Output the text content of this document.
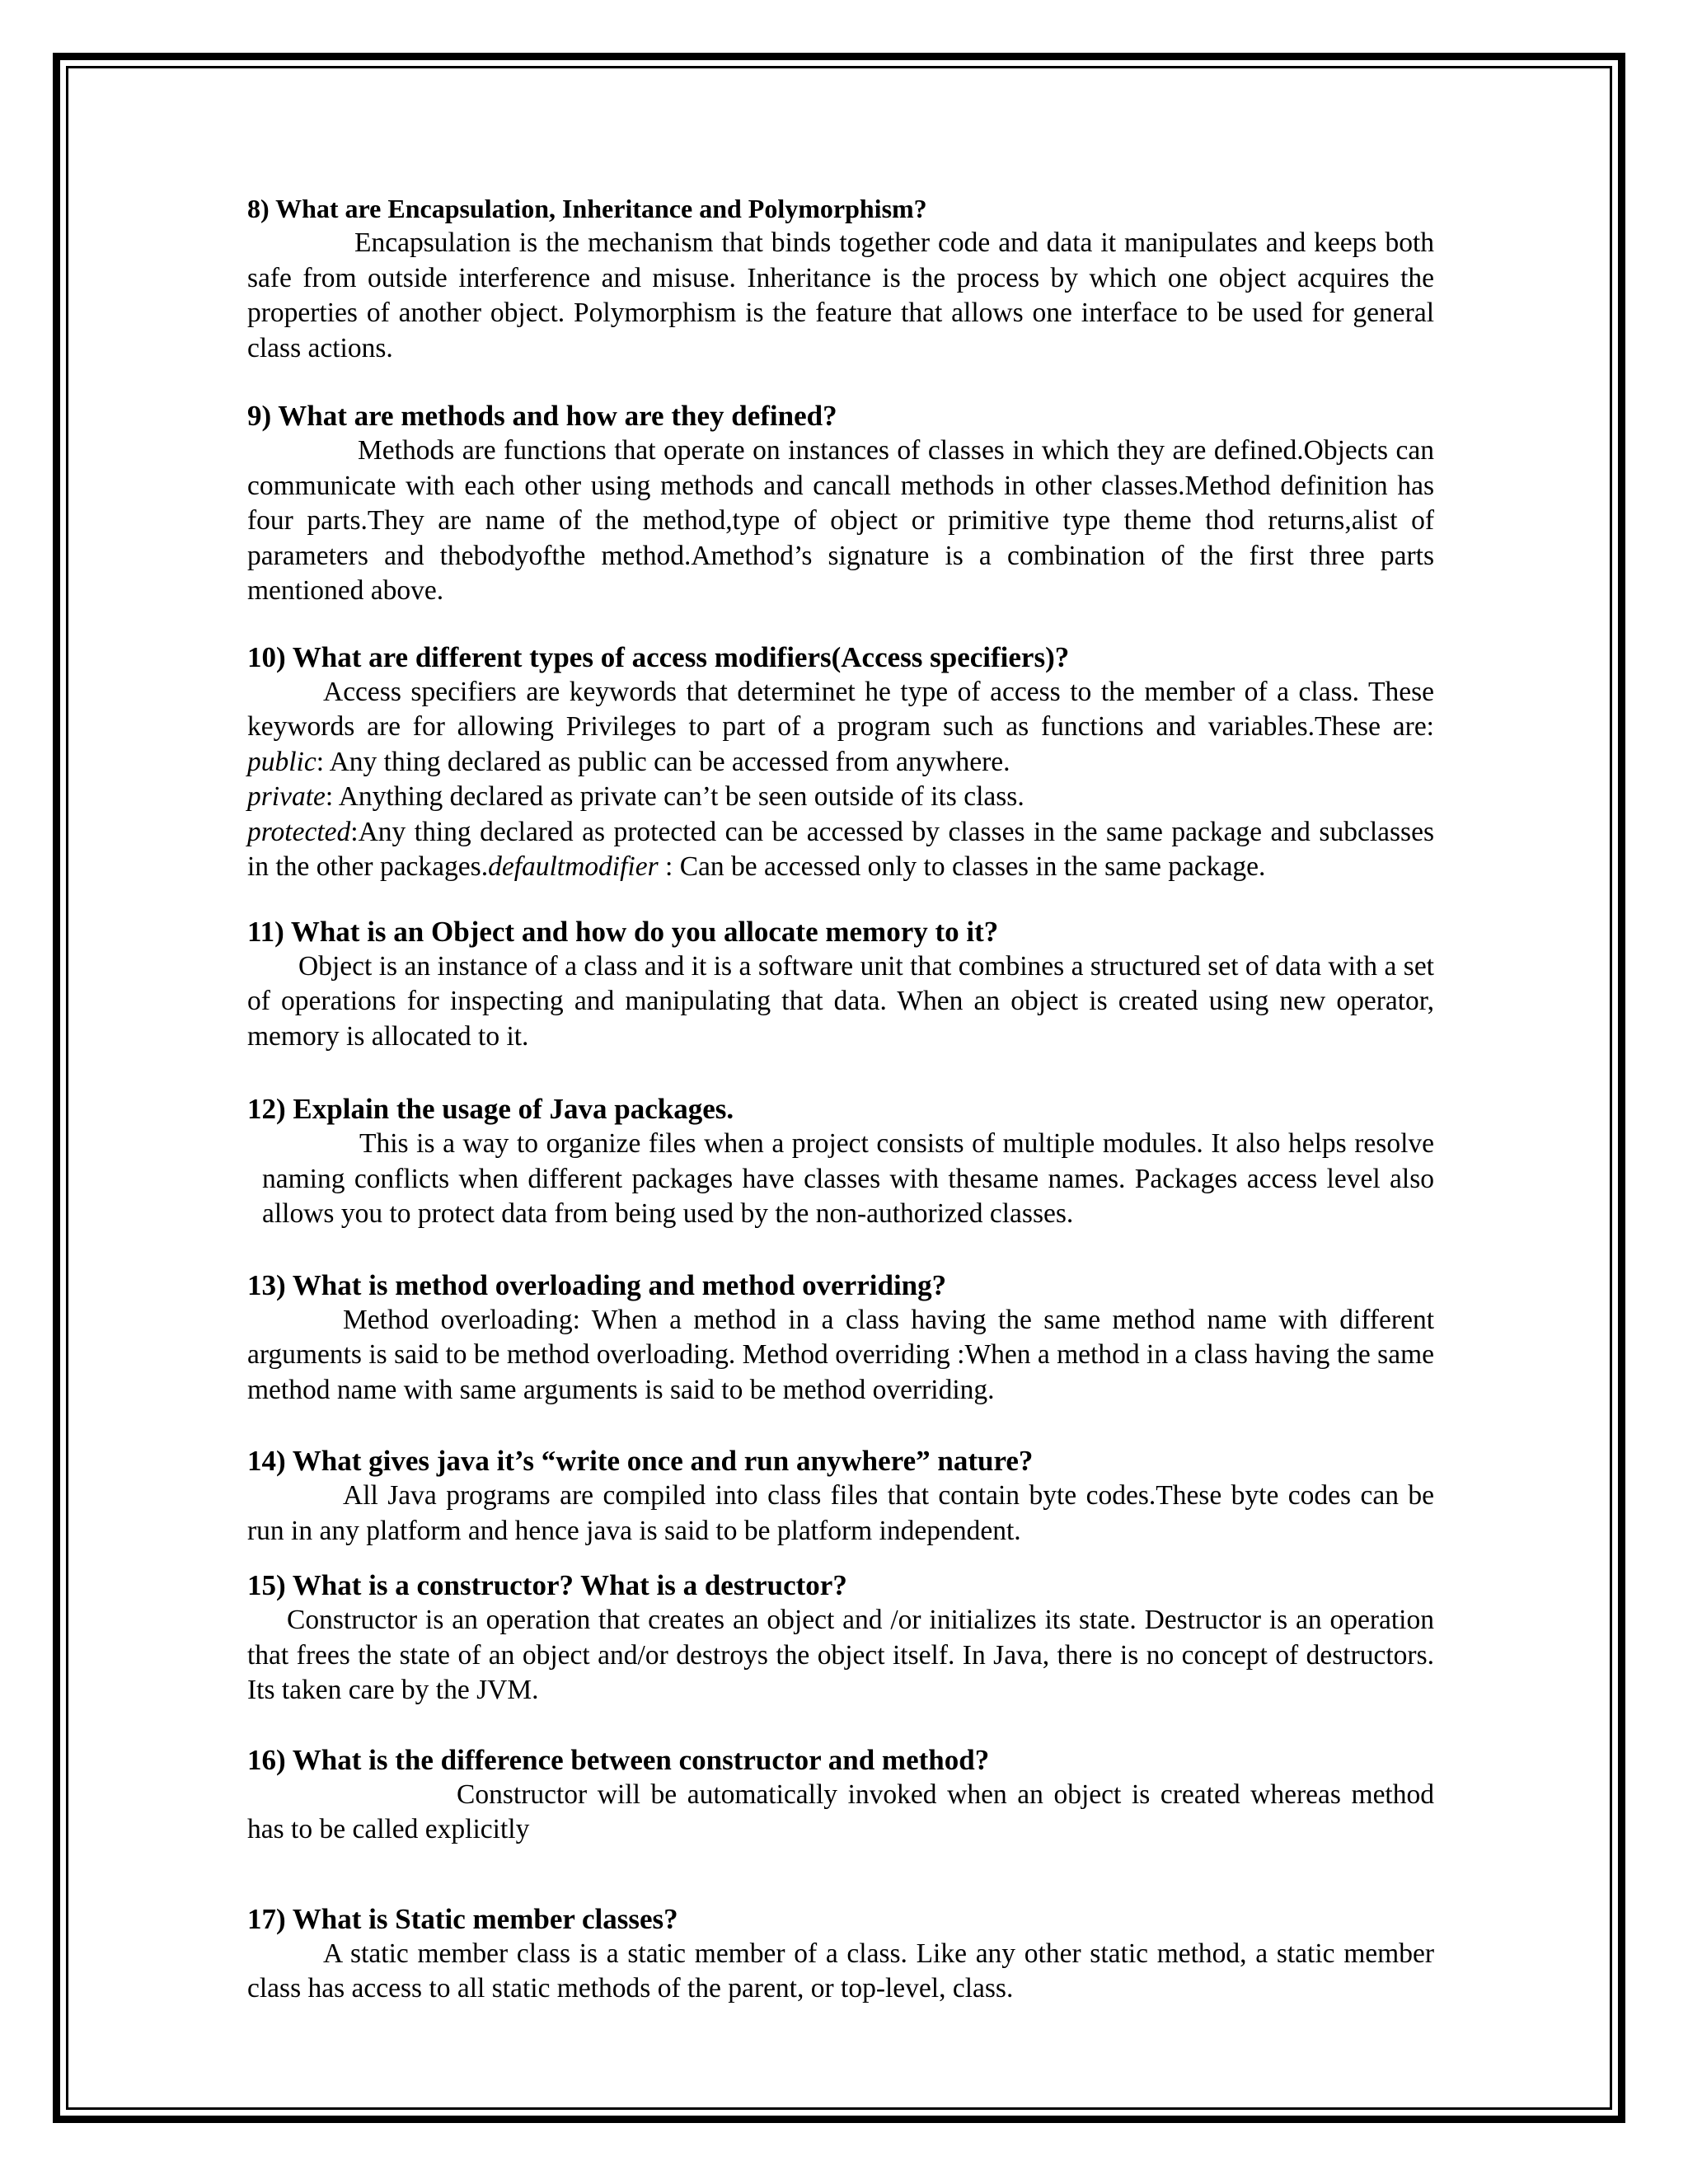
8) What are Encapsulation, Inheritance and Polymorphism?

Encapsulation is the mechanism that binds together code and data it manipulates and keeps both safe from outside interference and misuse. Inheritance is the process by which one object acquires the properties of another object. Polymorphism is the feature that allows one interface to be used for general class actions.

9) What are methods and how are they defined?

Methods are functions that operate on instances of classes in which they are defined.Objects can communicate with each other using methods and cancall methods in other classes.Method definition has four parts.They are name of the method,type of object or primitive type theme thod returns,alist of parameters and thebodyofthe method.Amethod’s signature is a combination of the first three parts mentioned above.

10) What are different types of access modifiers(Access specifiers)?

Access specifiers are keywords that determinet he type of access to the member of a class. These keywords are for allowing Privileges to part of a program such as functions and variables.These are: public: Any thing declared as public can be accessed from anywhere.
private: Anything declared as private can’t be seen outside of its class.
protected:Any thing declared as protected can be accessed by classes in the same package and subclasses in the other packages.defaultmodifier : Can be accessed only to classes in the same package.

11) What is an Object and how do you allocate memory to it?

Object is an instance of a class and it is a software unit that combines a structured set of data with a set of operations for inspecting and manipulating that data. When an object is created using new operator, memory is allocated to it.

12) Explain the usage of Java packages.

This is a way to organize files when a project consists of multiple modules. It also helps resolve naming conflicts when different packages have classes with thesame names. Packages access level also allows you to protect data from being used by the non-authorized classes.

13) What is method overloading and method overriding?

Method overloading: When a method in a class having the same method name with different arguments is said to be method overloading. Method overriding :When a method in a class having the same method name with same arguments is said to be method overriding.

14) What gives java it’s “write once and run anywhere” nature?

All Java programs are compiled into class files that contain byte codes.These byte codes can be run in any platform and hence java is said to be platform independent.

15) What is a constructor? What is a destructor?

Constructor is an operation that creates an object and /or initializes its state. Destructor is an operation that frees the state of an object and/or destroys the object itself. In Java, there is no concept of destructors. Its taken care by the JVM.

16) What is the difference between constructor and method?

Constructor will be automatically invoked when an object is created whereas method has to be called explicitly

17) What is Static member classes?

A static member class is a static member of a class. Like any other static method, a static member class has access to all static methods of the parent, or top-level, class.
